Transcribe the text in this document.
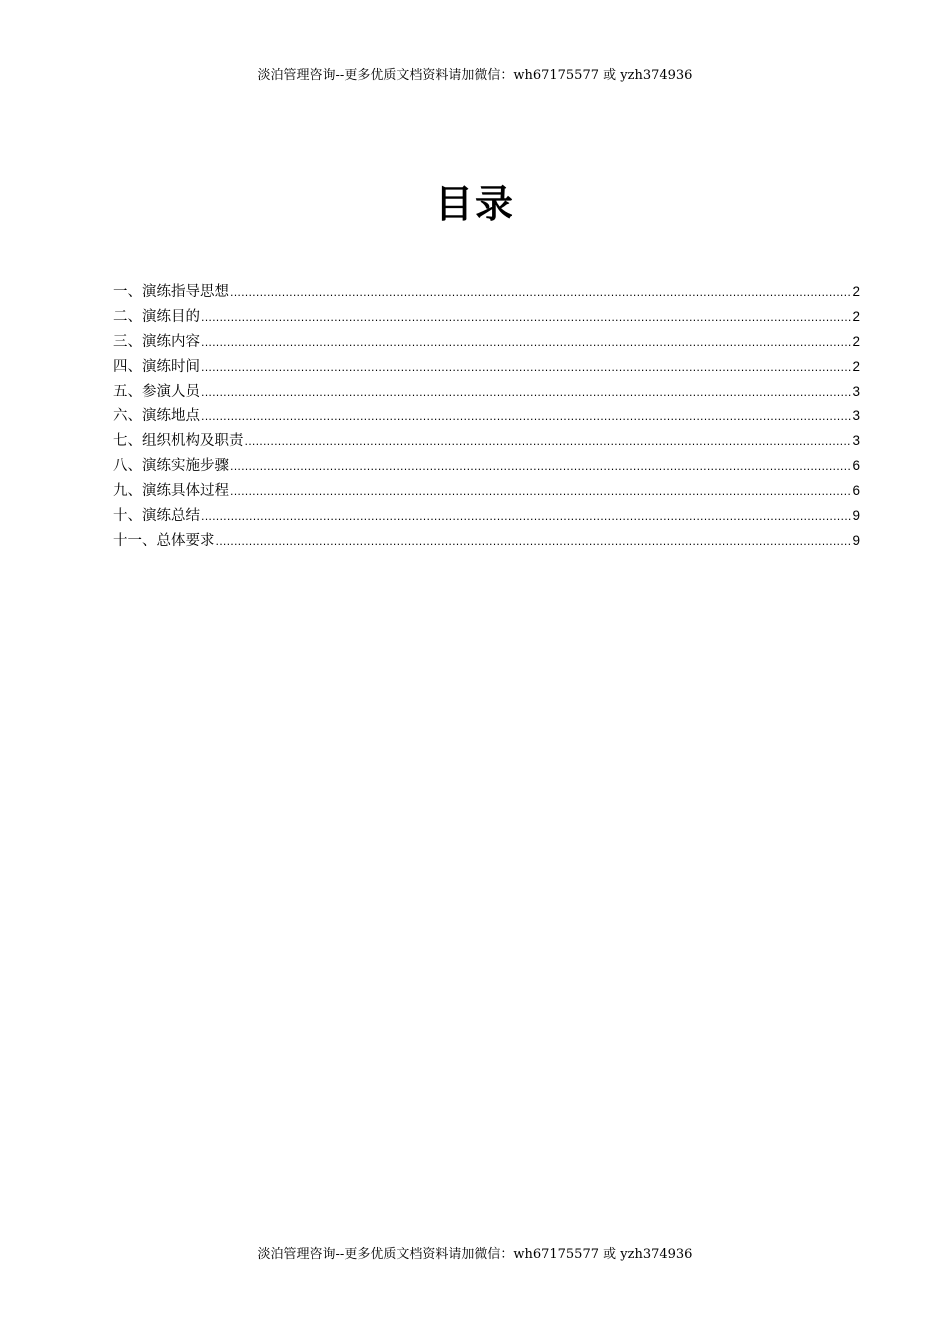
淡泊管理咨询--更多优质文档资料请加微信：wh67175577 或 yzh374936
目录
一、演练指导思想 .....	2
二、演练目的 .....	2
三、演练内容 .....	2
四、演练时间 .....	2
五、参演人员 .....	3
六、演练地点 .....	3
七、组织机构及职责 .....	3
八、演练实施步骤 .....	6
九、演练具体过程 .....	6
十、演练总结 .....	9
十一、总体要求 .....	9
淡泊管理咨询--更多优质文档资料请加微信：wh67175577 或 yzh374936
